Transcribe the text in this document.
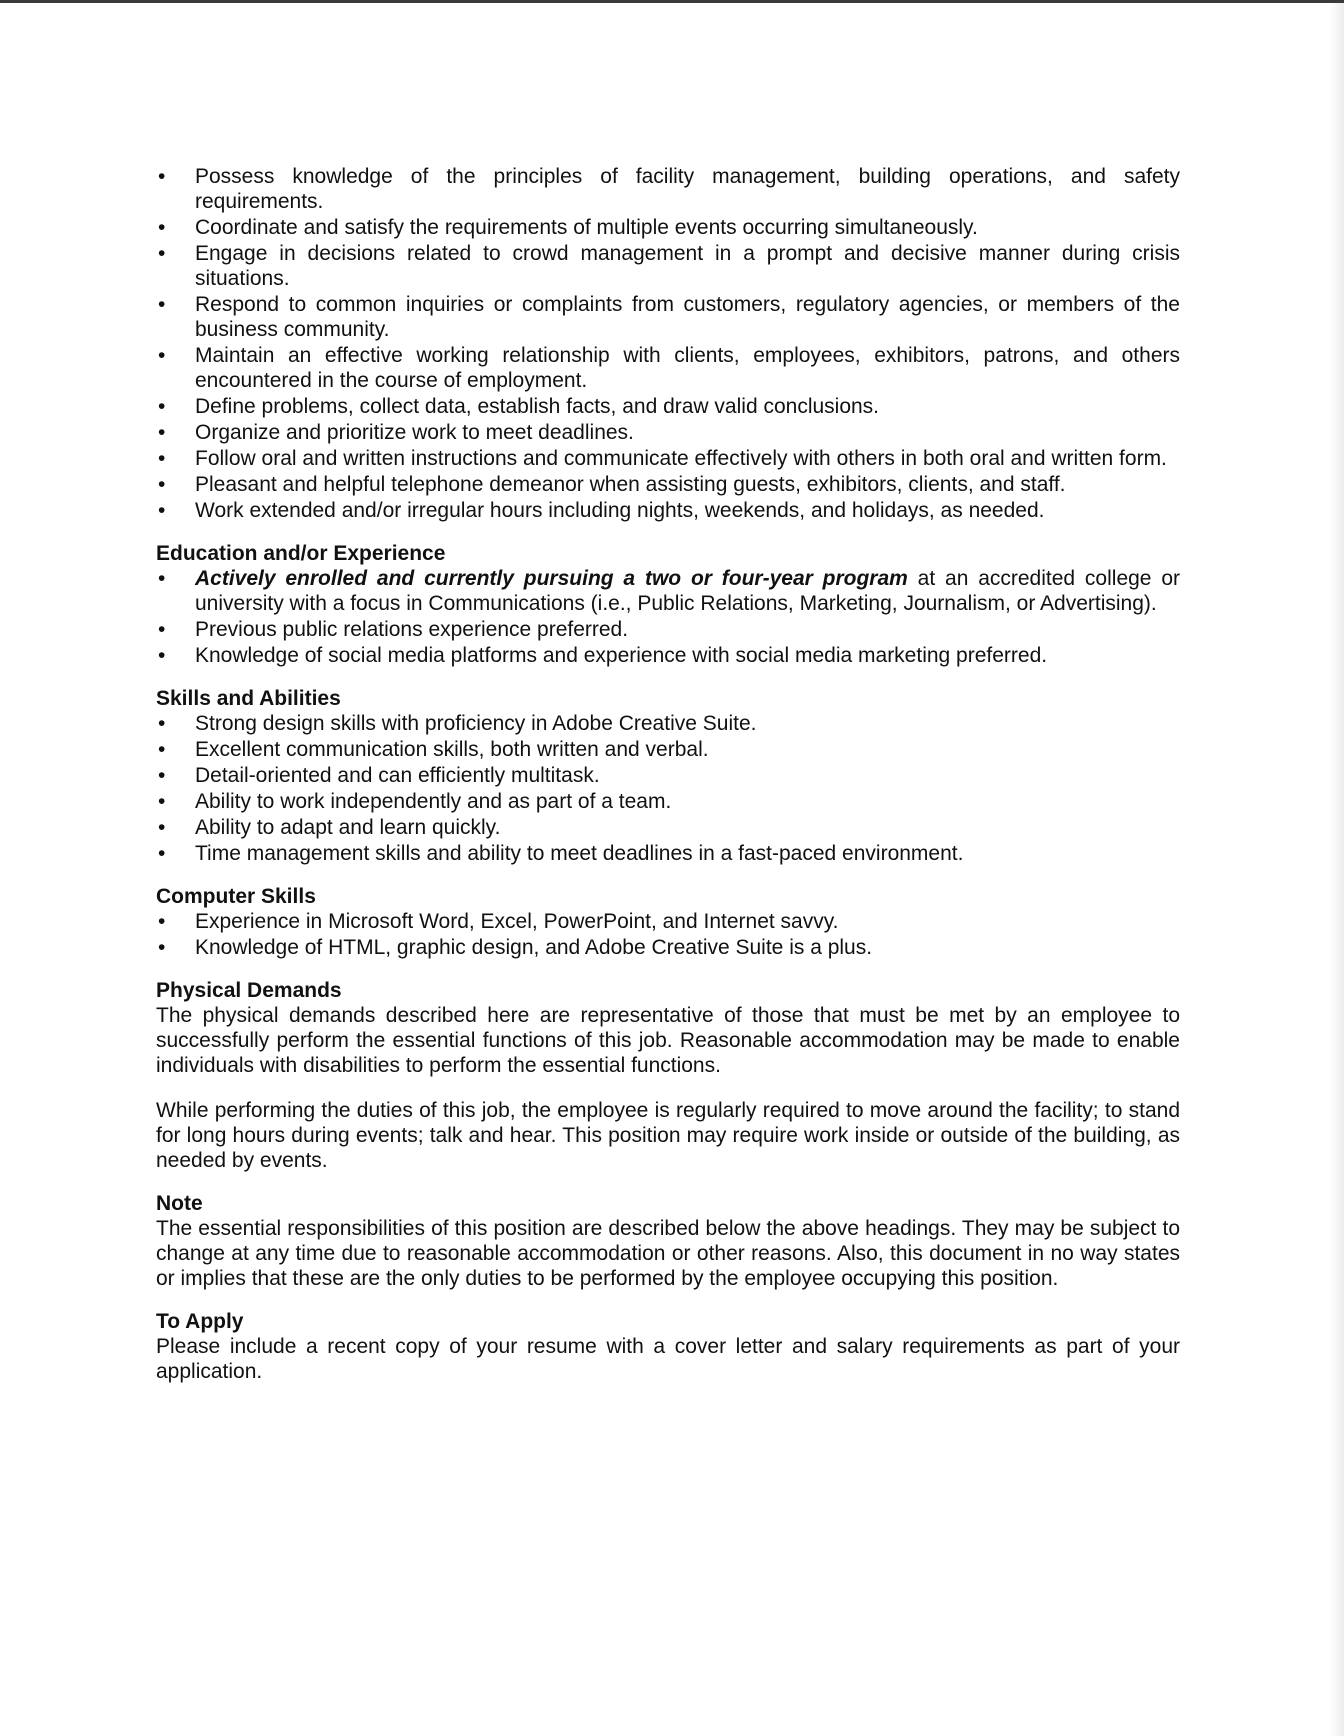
•	Possess knowledge of the principles of facility management, building operations, and safety requirements.
•	Coordinate and satisfy the requirements of multiple events occurring simultaneously.
•	Engage in decisions related to crowd management in a prompt and decisive manner during crisis situations.
•	Respond to common inquiries or complaints from customers, regulatory agencies, or members of the business community.
•	Maintain an effective working relationship with clients, employees, exhibitors, patrons, and others encountered in the course of employment.
•	Define problems, collect data, establish facts, and draw valid conclusions.
•	Organize and prioritize work to meet deadlines.
•	Follow oral and written instructions and communicate effectively with others in both oral and written form.
•	Pleasant and helpful telephone demeanor when assisting guests, exhibitors, clients, and staff.
•	Work extended and/or irregular hours including nights, weekends, and holidays, as needed.
Education and/or Experience
•	Actively enrolled and currently pursuing a two or four-year program at an accredited college or university with a focus in Communications (i.e., Public Relations, Marketing, Journalism, or Advertising).
•	Previous public relations experience preferred.
•	Knowledge of social media platforms and experience with social media marketing preferred.
Skills and Abilities
•	Strong design skills with proficiency in Adobe Creative Suite.
•	Excellent communication skills, both written and verbal.
•	Detail-oriented and can efficiently multitask.
•	Ability to work independently and as part of a team.
•	Ability to adapt and learn quickly.
•	Time management skills and ability to meet deadlines in a fast-paced environment.
Computer Skills
•	Experience in Microsoft Word, Excel, PowerPoint, and Internet savvy.
•	Knowledge of HTML, graphic design, and Adobe Creative Suite is a plus.
Physical Demands

The physical demands described here are representative of those that must be met by an employee to successfully perform the essential functions of this job. Reasonable accommodation may be made to enable individuals with disabilities to perform the essential functions.

While performing the duties of this job, the employee is regularly required to move around the facility; to stand for long hours during events; talk and hear. This position may require work inside or outside of the building, as needed by events.

Note

The essential responsibilities of this position are described below the above headings. They may be subject to change at any time due to reasonable accommodation or other reasons. Also, this document in no way states or implies that these are the only duties to be performed by the employee occupying this position.

To Apply

Please include a recent copy of your resume with a cover letter and salary requirements as part of your application.
